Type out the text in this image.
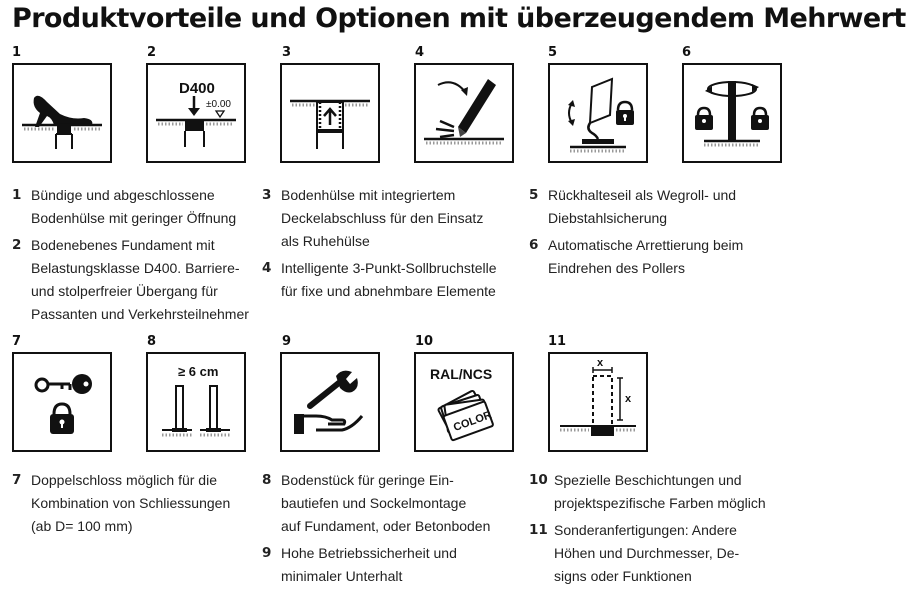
Produktvorteile und Optionen mit überzeugendem Mehrwert
1	2
D400
±0.00
3	4	5	6
1 Bündige und abgeschlossene
Bodenhülse mit geringer Öffnung
2 Bodenebenes Fundament mit
Belastungsklasse D400. Barriere-
und stolperfreier Übergang für
Passanten und Verkehrsteilnehmer
3 Bodenhülse mit integriertem
Deckelabschluss für den Einsatz
als Ruhehülse
4 Intelligente 3-Punkt-Sollbruchstelle
für fixe und abnehmbare Elemente
5 Rückhalteseil als Wegroll- und
Diebstahlsicherung
6 Automatische Arrettierung beim
Eindrehen des Pollers
7	8
≥ 6 cm
9	10
RAL/NCS
COLOR
11
x
x
7 Doppelschloss möglich für die
Kombination von Schliessungen
(ab D= 100 mm)
8 Bodenstück für geringe Ein-
bautiefen und Sockelmontage
auf Fundament, oder Betonboden
9 Hohe Betriebssicherheit und
minimaler Unterhalt
10 Spezielle Beschichtungen und
projektspezifische Farben möglich
11 Sonderanfertigungen: Andere
Höhen und Durchmesser, De-
signs oder Funktionen
